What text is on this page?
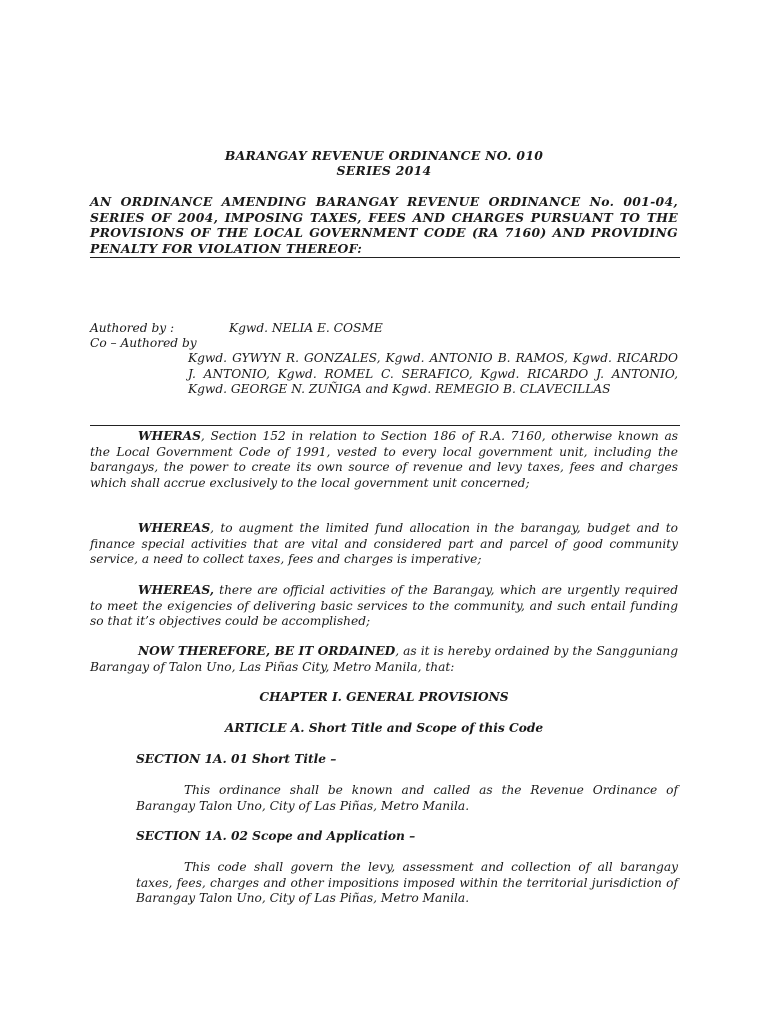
BARANGAY REVENUE ORDINANCE NO. 010
SERIES 2014
AN ORDINANCE AMENDING BARANGAY REVENUE ORDINANCE No. 001-04, SERIES OF 2004, IMPOSING TAXES, FEES AND CHARGES PURSUANT TO THE PROVISIONS OF THE LOCAL GOVERNMENT CODE (RA 7160) AND PROVIDING PENALTY FOR VIOLATION THEREOF:
Authored by :	Kgwd. NELIA E. COSME
Co – Authored by
Kgwd. GYWYN R. GONZALES, Kgwd. ANTONIO B. RAMOS, Kgwd. RICARDO J. ANTONIO, Kgwd. ROMEL C. SERAFICO, Kgwd. RICARDO J. ANTONIO, Kgwd. GEORGE N. ZUÑIGA and Kgwd. REMEGIO B. CLAVECILLAS
WHERAS, Section 152 in relation to Section 186 of R.A. 7160, otherwise known as the Local Government Code of 1991, vested to every local government unit, including the barangays, the power to create its own source of revenue and levy taxes, fees and charges which shall accrue exclusively to the local government unit concerned;
WHEREAS, to augment the limited fund allocation in the barangay, budget and to finance special activities that are vital and considered part and parcel of good community service, a need to collect taxes, fees and charges is imperative;
WHEREAS, there are official activities of the Barangay, which are urgently required to meet the exigencies of delivering basic services to the community, and such entail funding so that it’s objectives could be accomplished;
NOW THEREFORE, BE IT ORDAINED, as it is hereby ordained by the Sangguniang Barangay of Talon Uno, Las Piñas City, Metro Manila, that:
CHAPTER I. GENERAL PROVISIONS
ARTICLE A. Short Title and Scope of this Code
SECTION 1A. 01 Short Title –
This ordinance shall be known and called as the Revenue Ordinance of Barangay Talon Uno, City of Las Piñas, Metro Manila.
SECTION 1A. 02 Scope and Application –
This code shall govern the levy, assessment and collection of all barangay taxes, fees, charges and other impositions imposed within the territorial jurisdiction of Barangay Talon Uno, City of Las Piñas, Metro Manila.
